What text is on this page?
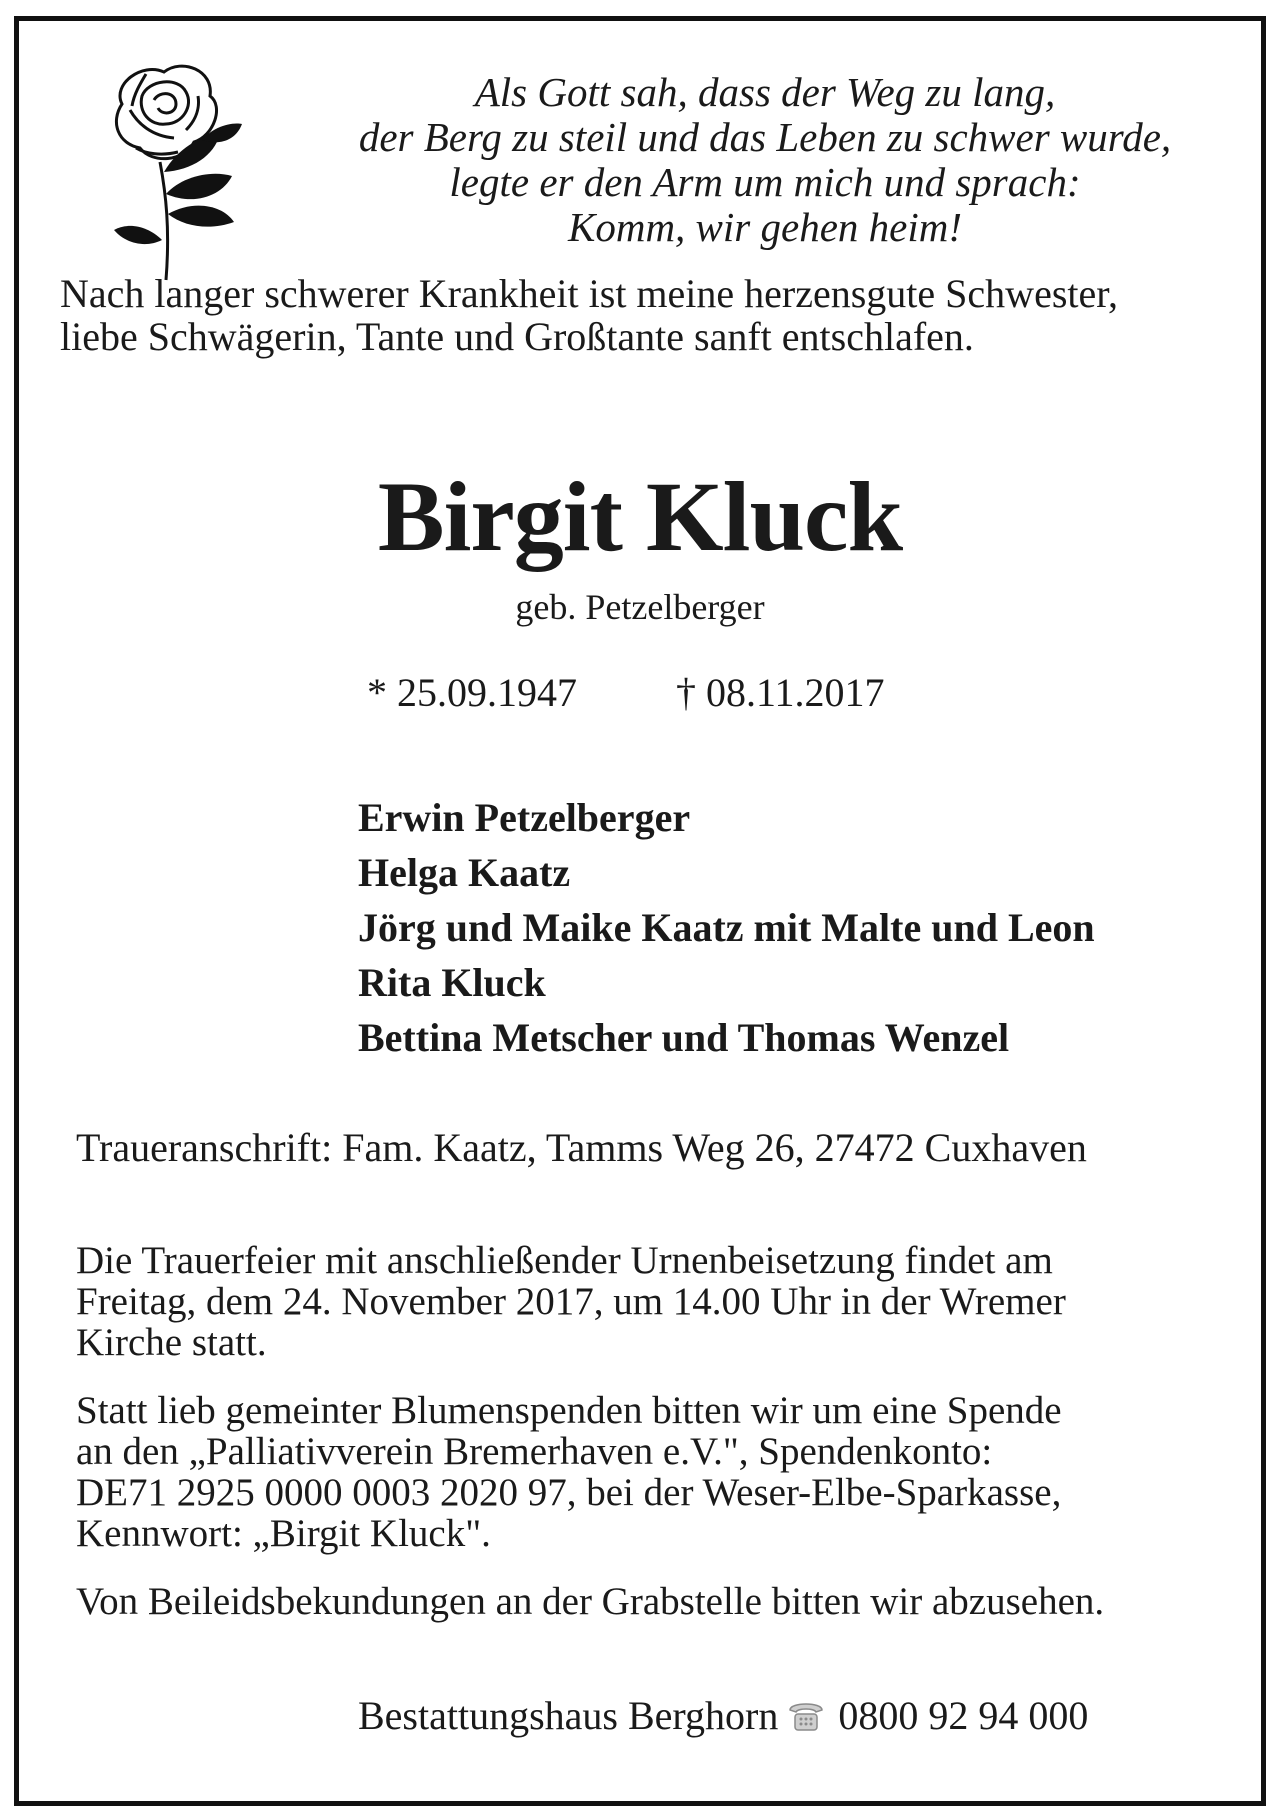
Als Gott sah, dass der Weg zu lang,
der Berg zu steil und das Leben zu schwer wurde,
legte er den Arm um mich und sprach:
Komm, wir gehen heim!
Nach langer schwerer Krankheit ist meine herzensgute Schwester,
liebe Schwägerin, Tante und Großtante sanft entschlafen.
Birgit Kluck
geb. Petzelberger
* 25.09.1947 † 08.11.2017
Erwin Petzelberger
Helga Kaatz
Jörg und Maike Kaatz mit Malte und Leon
Rita Kluck
Bettina Metscher und Thomas Wenzel
Traueranschrift: Fam. Kaatz, Tamms Weg 26, 27472 Cuxhaven
Die Trauerfeier mit anschließender Urnenbeisetzung findet am
Freitag, dem 24. November 2017, um 14.00 Uhr in der Wremer
Kirche statt.
Statt lieb gemeinter Blumenspenden bitten wir um eine Spende
an den „Palliativverein Bremerhaven e.V.", Spendenkonto:
DE71 2925 0000 0003 2020 97, bei der Weser-Elbe-Sparkasse,
Kennwort: „Birgit Kluck".
Von Beileidsbekundungen an der Grabstelle bitten wir abzusehen.
Bestattungshaus Berghorn 0800 92 94 000
